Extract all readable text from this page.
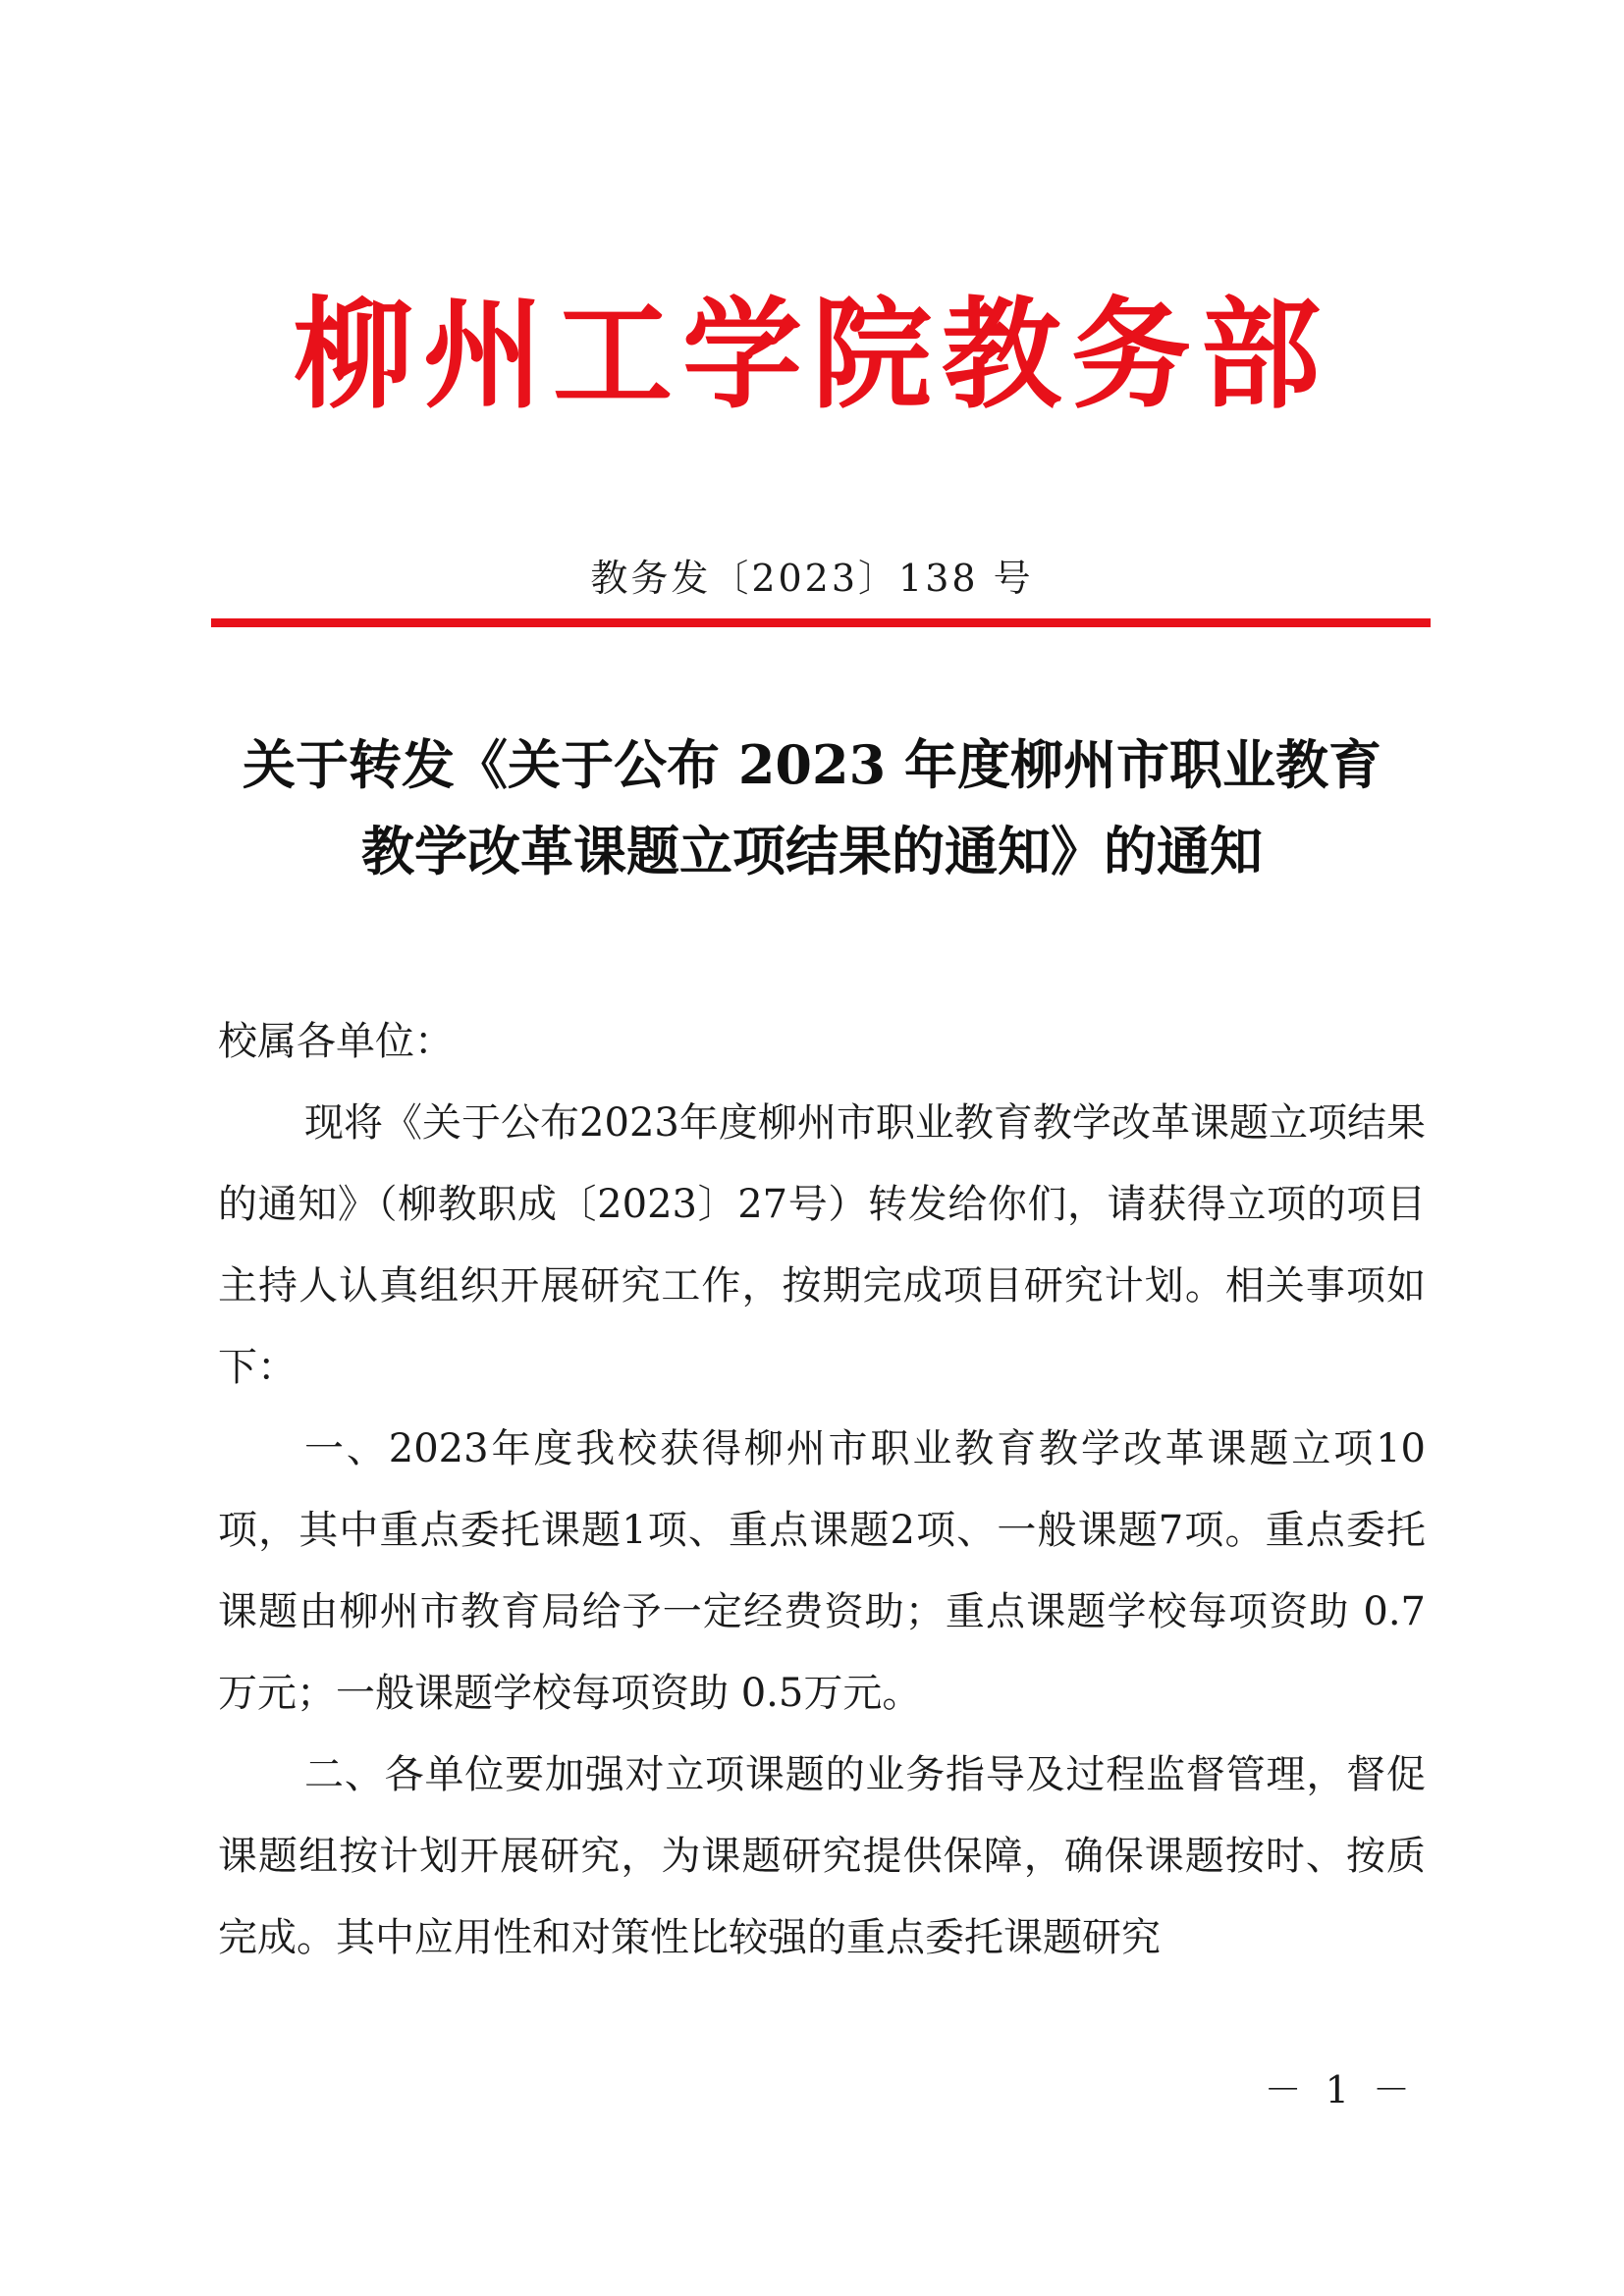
柳州工学院教务部
教务发〔2023〕138 号
关于转发《关于公布 2023 年度柳州市职业教育
教学改革课题立项结果的通知》的通知

校属各单位：

现将《关于公布2023年度柳州市职业教育教学改革课题立项结果的通知》（柳教职成〔2023〕27号）转发给你们，请获得立项的项目主持人认真组织开展研究工作，按期完成项目研究计划。相关事项如下：

一、2023年度我校获得柳州市职业教育教学改革课题立项10项，其中重点委托课题1项、重点课题2项、一般课题7项。重点委托课题由柳州市教育局给予一定经费资助；重点课题学校每项资助 0.7 万元；一般课题学校每项资助 0.5万元。

二、各单位要加强对立项课题的业务指导及过程监督管理，督促课题组按计划开展研究，为课题研究提供保障，确保课题按时、按质完成。其中应用性和对策性比较强的重点委托课题研究

－ 1 －
